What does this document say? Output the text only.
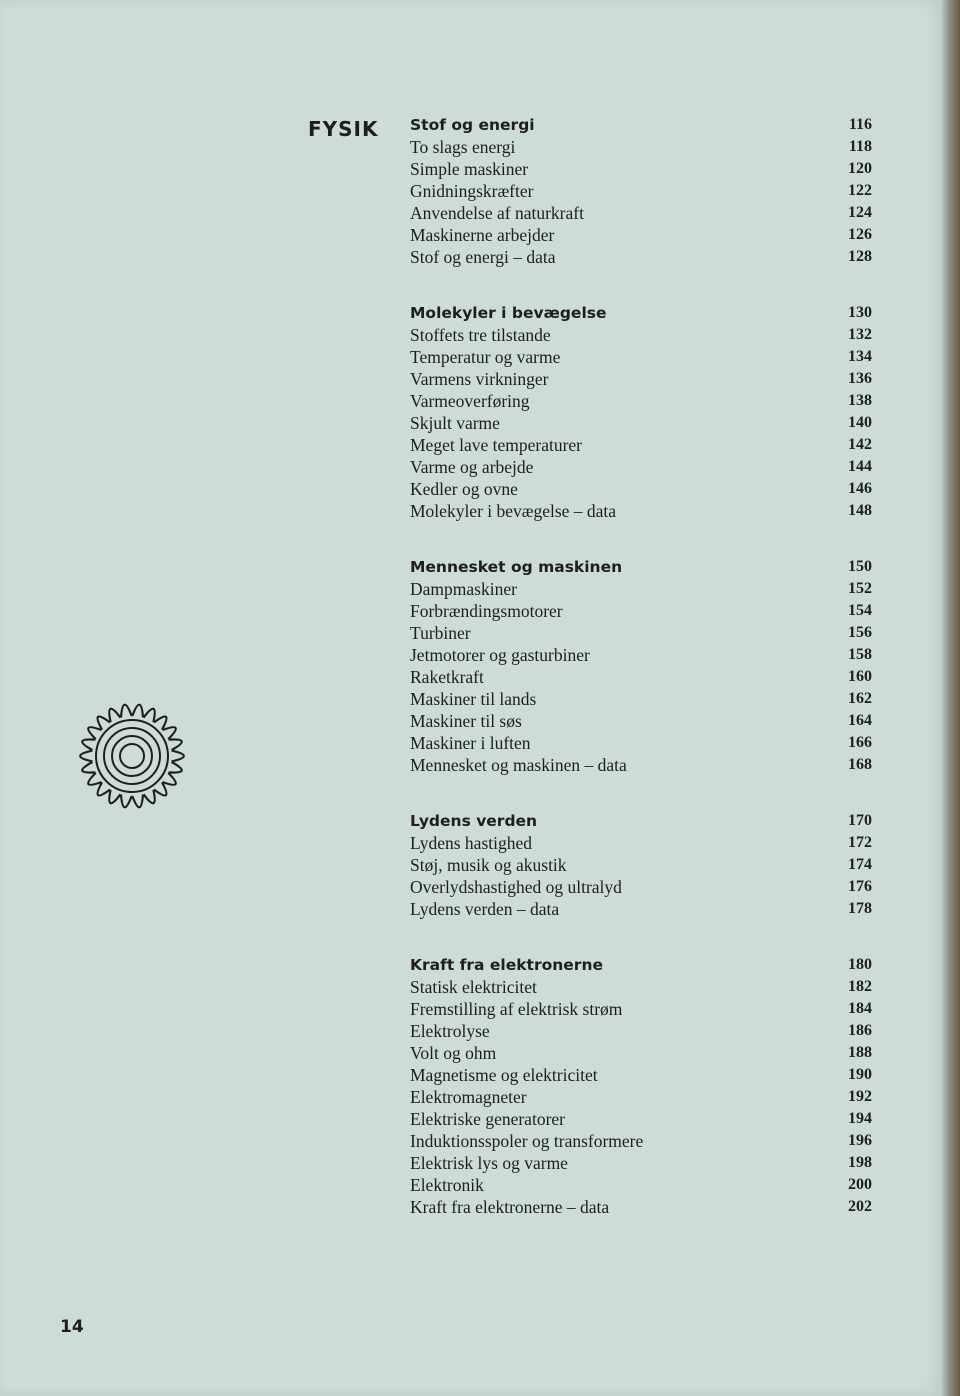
FYSIK Stof og energi	116
To slags energi	118
Simple maskiner	120
Gnidningskræfter	122
Anvendelse af naturkraft	124
Maskinerne arbejder	126
Stof og energi – data	128
Molekyler i bevægelse	130
Stoffets tre tilstande	132
Temperatur og varme	134
Varmens virkninger	136
Varmeoverføring	138
Skjult varme	140
Meget lave temperaturer	142
Varme og arbejde	144
Kedler og ovne	146
Molekyler i bevægelse – data	148
Mennesket og maskinen	150
Dampmaskiner	152
Forbrændingsmotorer	154
Turbiner	156
Jetmotorer og gasturbiner	158
Raketkraft	160
Maskiner til lands	162
Maskiner til søs	164
Maskiner i luften	166
Mennesket og maskinen – data	168
Lydens verden	170
Lydens hastighed	172
Støj, musik og akustik	174
Overlydshastighed og ultralyd	176
Lydens verden – data	178
Kraft fra elektronerne	180
Statisk elektricitet	182
Fremstilling af elektrisk strøm	184
Elektrolyse	186
Volt og ohm	188
Magnetisme og elektricitet	190
Elektromagneter	192
Elektriske generatorer	194
Induktionsspoler og transformere	196
Elektrisk lys og varme	198
Elektronik	200
Kraft fra elektronerne – data	202
14
